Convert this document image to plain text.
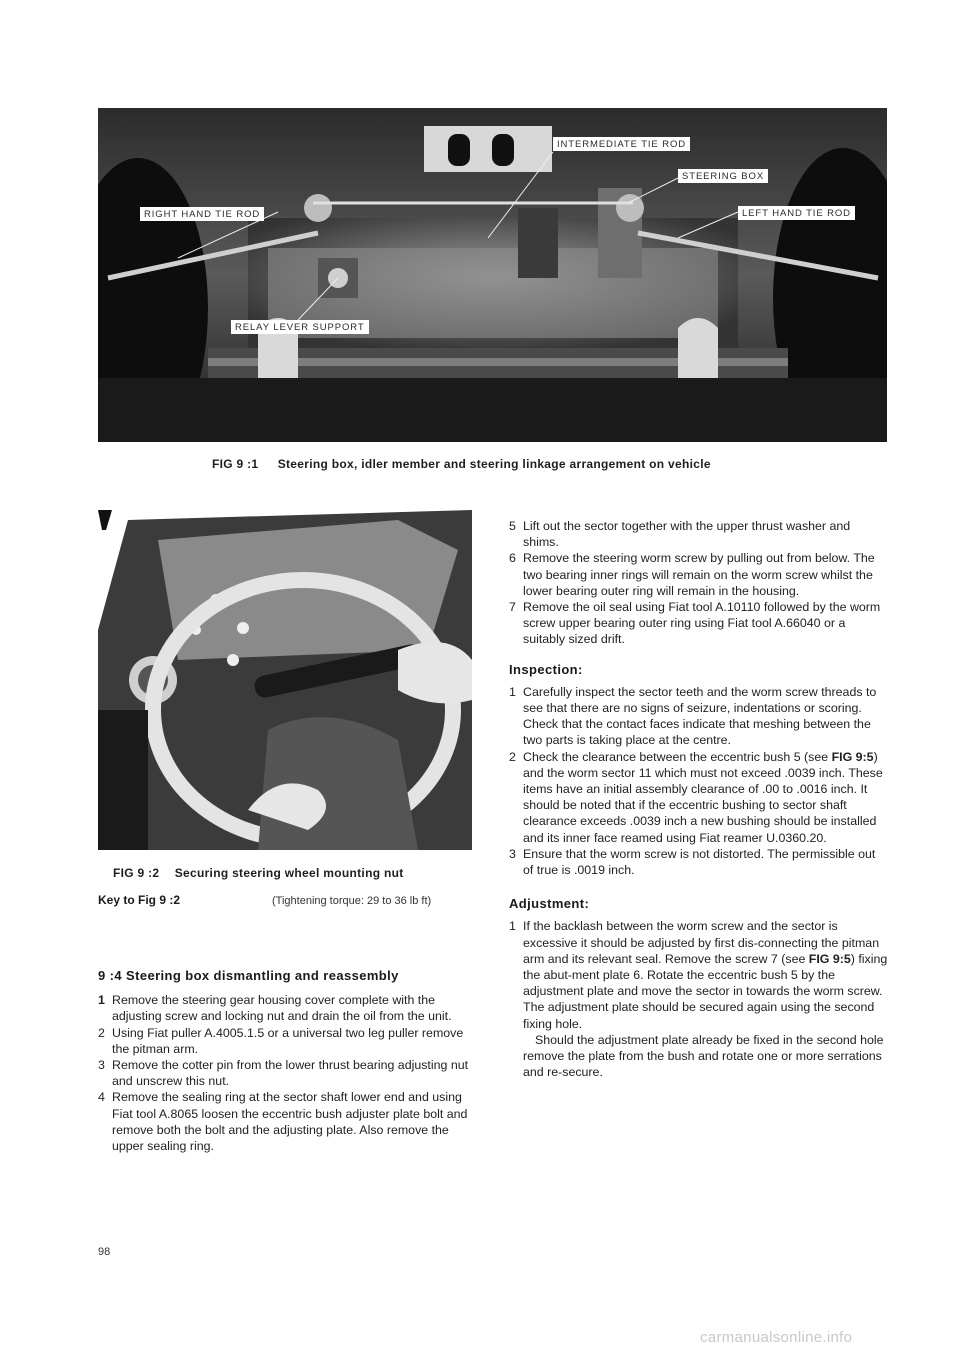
INTERMEDIATE TIE ROD
STEERING BOX
RIGHT HAND TIE ROD	LEFT HAND TIE ROD
RELAY LEVER SUPPORT
FIG 9 :1 Steering box, idler member and steering linkage arrangement on vehicle
FIG 9 :2 Securing steering wheel mounting nut
Key to Fig 9 :2	(Tightening torque: 29 to 36 lb ft)

9 :4 Steering box dismantling and reassembly

1 Remove the steering gear housing cover complete with the adjusting screw and locking nut and drain the oil from the unit.
2 Using Fiat puller A.4005.1.5 or a universal two leg puller remove the pitman arm.
3 Remove the cotter pin from the lower thrust bearing adjusting nut and unscrew this nut.
4 Remove the sealing ring at the sector shaft lower end and using Fiat tool A.8065 loosen the eccentric bush adjuster plate bolt and remove both the bolt and the adjusting plate. Also remove the upper sealing ring.
5 Lift out the sector together with the upper thrust washer and shims.
6 Remove the steering worm screw by pulling out from below. The two bearing inner rings will remain on the worm screw whilst the lower bearing outer ring will remain in the housing.
7 Remove the oil seal using Fiat tool A.10110 followed by the worm screw upper bearing outer ring using Fiat tool A.66040 or a suitably sized drift.

Inspection:

1 Carefully inspect the sector teeth and the worm screw threads to see that there are no signs of seizure, indentations or scoring. Check that the contact faces indicate that meshing between the two parts is taking place at the centre.
2 Check the clearance between the eccentric bush 5 (see FIG 9:5) and the worm sector 11 which must not exceed .0039 inch. These items have an initial assembly clearance of .00 to .0016 inch. It should be noted that if the eccentric bushing to sector shaft clearance exceeds .0039 inch a new bushing should be installed and its inner face reamed using Fiat reamer U.0360.20.
3 Ensure that the worm screw is not distorted. The permissible out of true is .0019 inch.

Adjustment:

1 If the backlash between the worm screw and the sector is excessive it should be adjusted by first dis-connecting the pitman arm and its relevant seal. Remove the screw 7 (see FIG 9:5) fixing the abut-ment plate 6. Rotate the eccentric bush 5 by the adjustment plate and move the sector in towards the worm screw. The adjustment plate should be secured again using the second fixing hole.

Should the adjustment plate already be fixed in the second hole remove the plate from the bush and rotate one or more serrations and re-secure.

98
carmanualsonline.info
